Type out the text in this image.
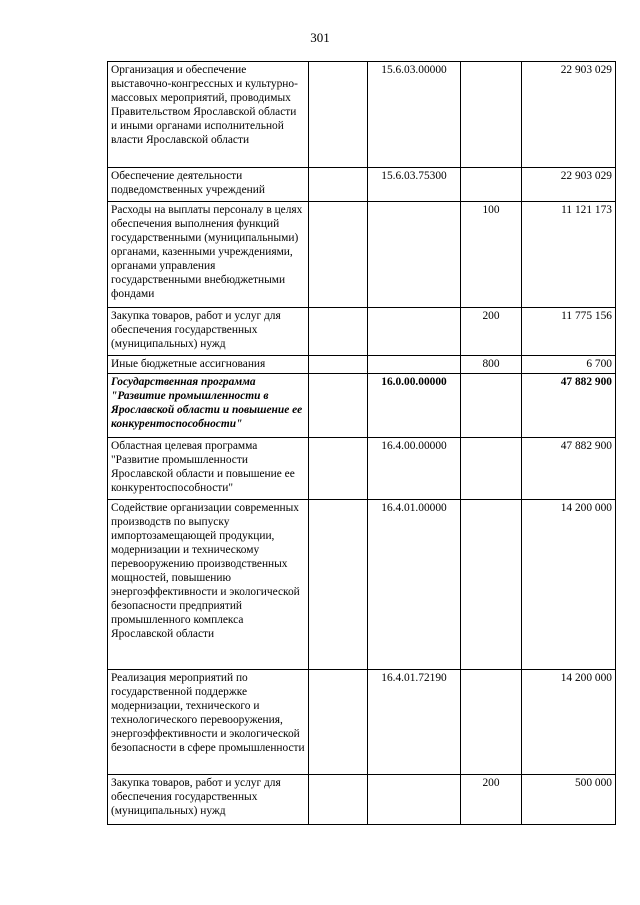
301
Организация и обеспечение выставочно-конгрессных и культурно-массовых мероприятий, проводимых Правительством Ярославской области и иными органами исполнительной власти Ярославской области		15.6.03.00000		22 903 029
Обеспечение деятельности подведомственных учреждений		15.6.03.75300		22 903 029
Расходы на выплаты персоналу в целях обеспечения выполнения функций государственными (муниципальными) органами, казенными учреждениями, органами управления государственными внебюджетными фондами			100	11 121 173
Закупка товаров, работ и услуг для обеспечения государственных (муниципальных) нужд			200	11 775 156
Иные бюджетные ассигнования			800	6 700
Государственная программа "Развитие промышленности в Ярославской области и повышение ее конкурентоспособности"		16.0.00.00000		47 882 900
Областная целевая программа "Развитие промышленности Ярославской области и повышение ее конкурентоспособности"		16.4.00.00000		47 882 900
Содействие организации современных производств по выпуску импортозамещающей продукции, модернизации и техническому перевооружению производственных мощностей, повышению энергоэффективности и экологической безопасности предприятий промышленного комплекса Ярославской области		16.4.01.00000		14 200 000
Реализация мероприятий по государственной поддержке модернизации, технического и технологического перевооружения, энергоэффективности и экологической безопасности в сфере промышленности		16.4.01.72190		14 200 000
Закупка товаров, работ и услуг для обеспечения государственных (муниципальных) нужд			200	500 000
